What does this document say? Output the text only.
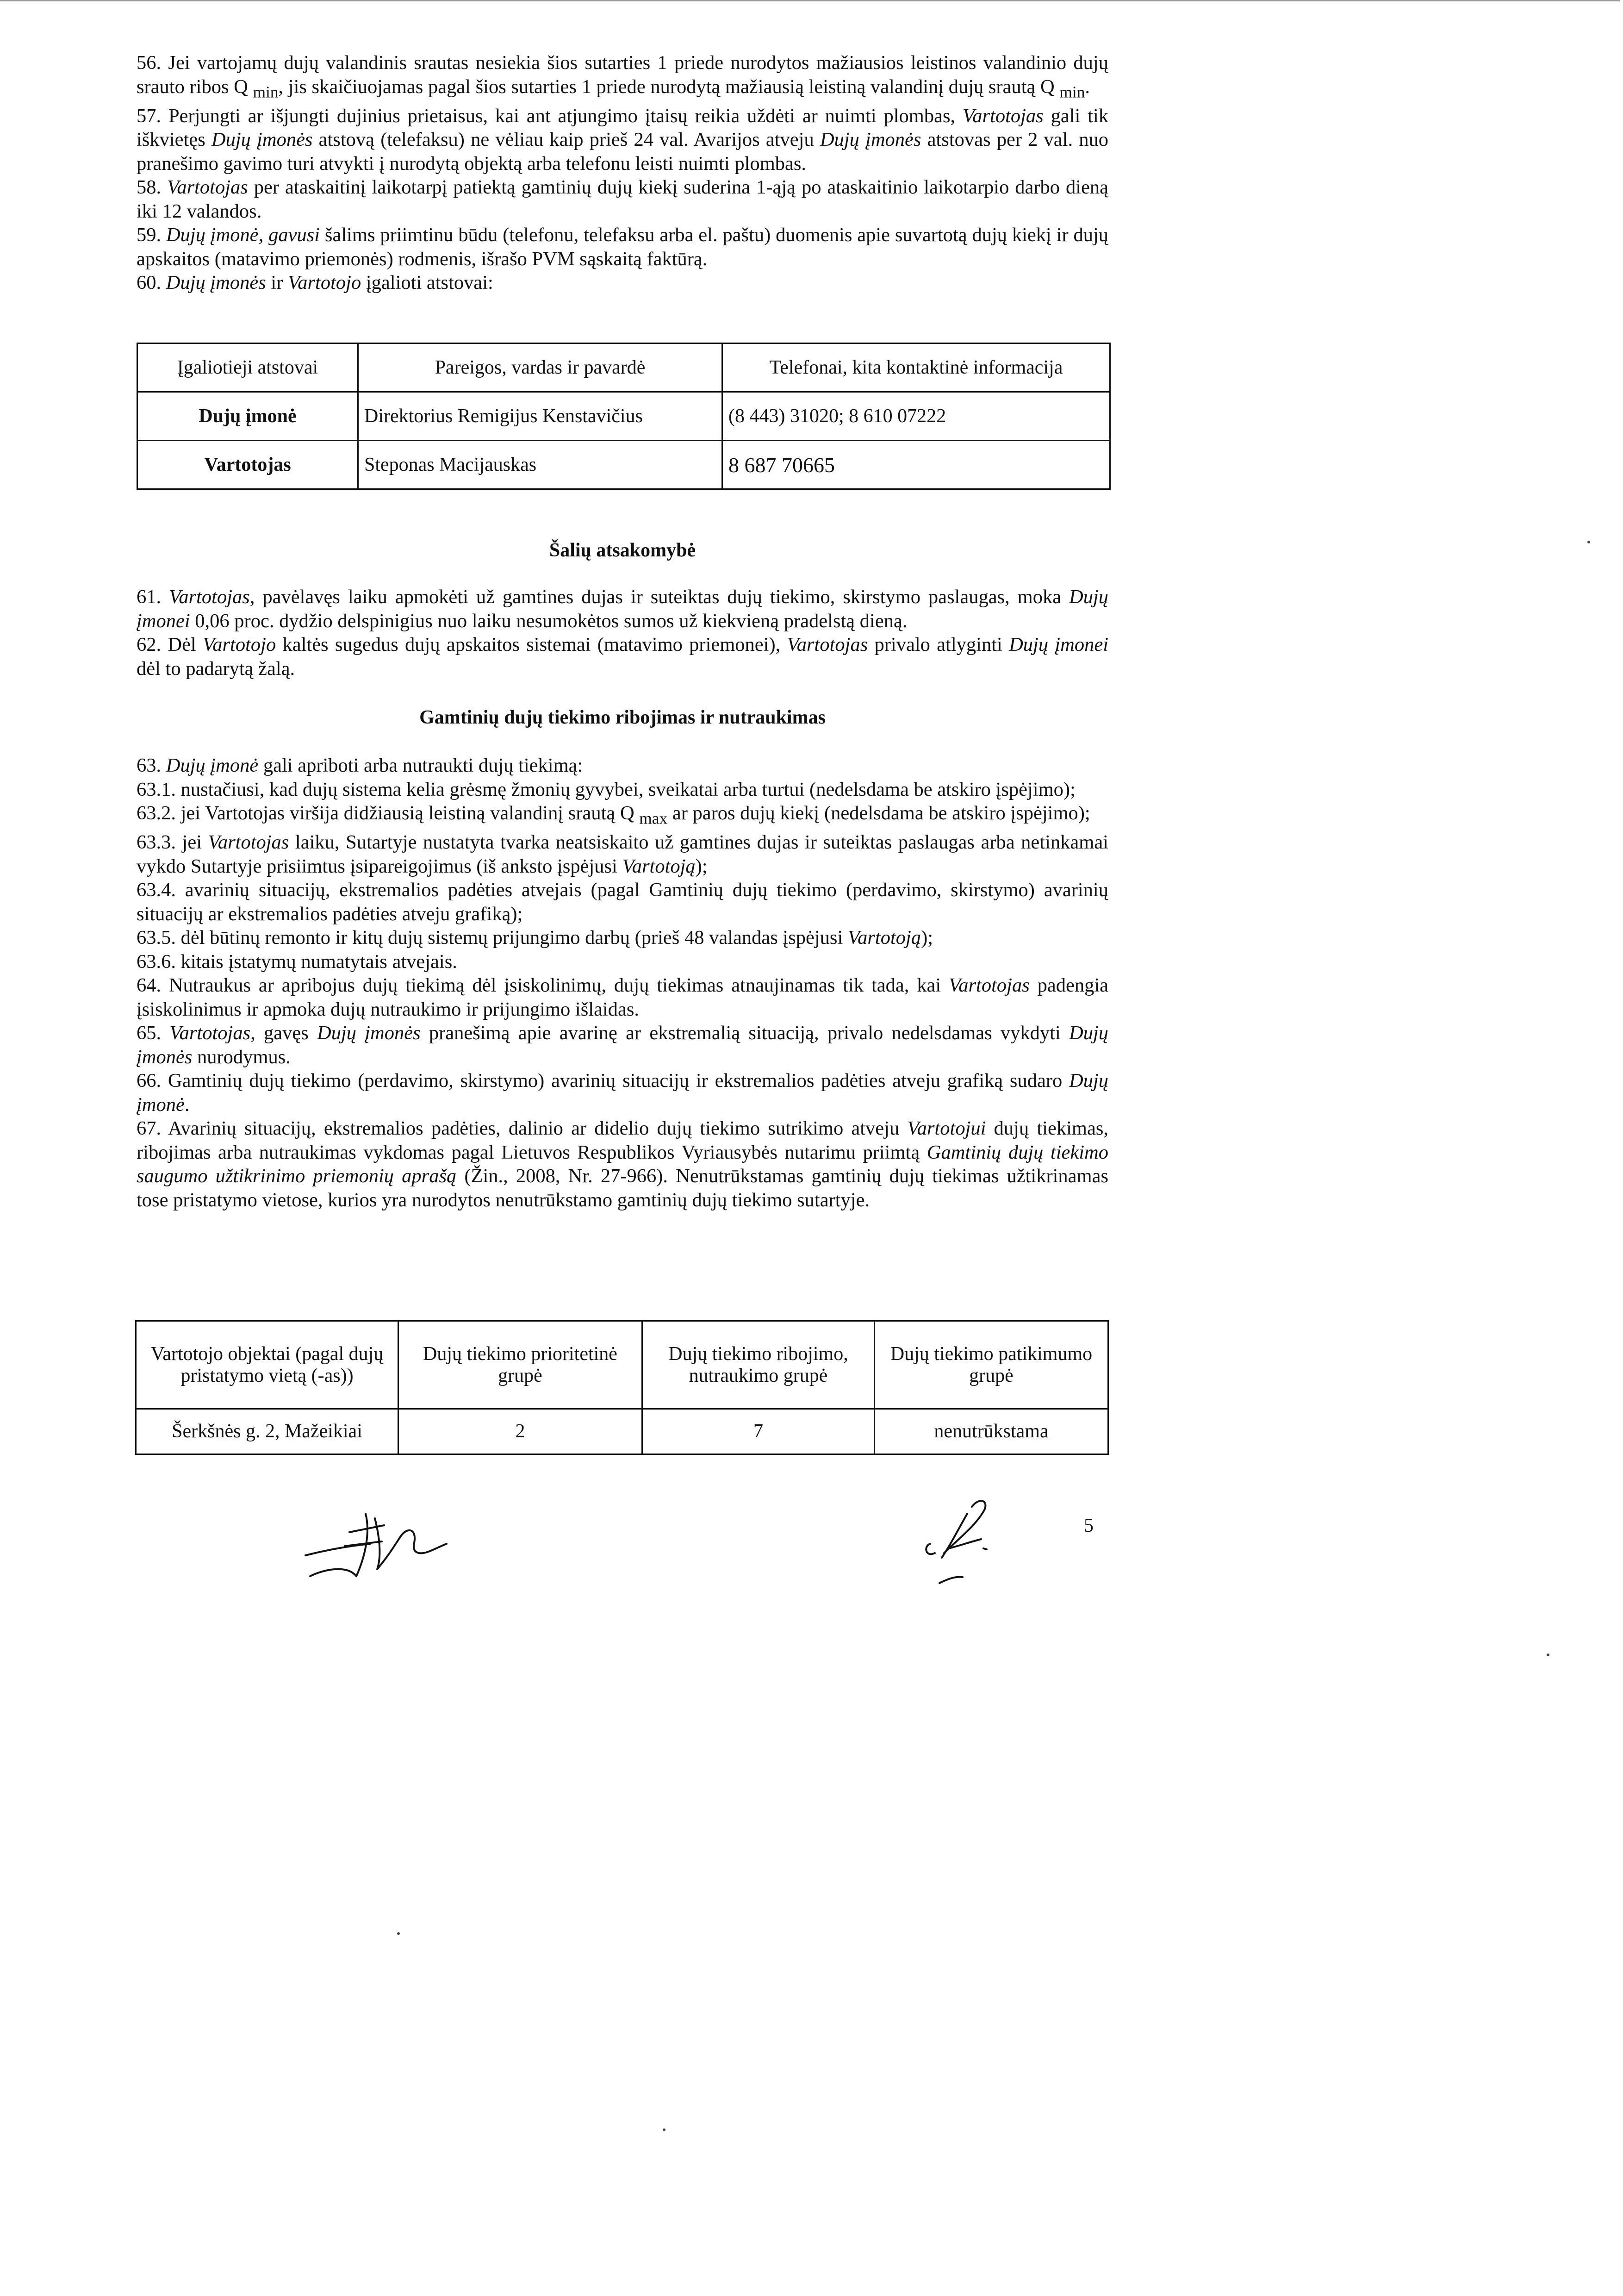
56. Jei vartojamų dujų valandinis srautas nesiekia šios sutarties 1 priede nurodytos mažiausios leistinos valandinio dujų srauto ribos Q $_{min}$, jis skaičiuojamas pagal šios sutarties 1 priede nurodytą mažiausią leistiną valandinį dujų srautą Q $_{min}$.

57. Perjungti ar išjungti dujinius prietaisus, kai ant atjungimo įtaisų reikia uždėti ar nuimti plombas, Vartotojas gali tik iškvietęs Dujų įmonės atstovą (telefaksu) ne vėliau kaip prieš 24 val. Avarijos atveju Dujų įmonės atstovas per 2 val. nuo pranešimo gavimo turi atvykti į nurodytą objektą arba telefonu leisti nuimti plombas.

58. Vartotojas per ataskaitinį laikotarpį patiektą gamtinių dujų kiekį suderina 1-ąją po ataskaitinio laikotarpio darbo dieną iki 12 valandos.

59. Dujų įmonė, gavusi šalims priimtinu būdu (telefonu, telefaksu arba el. paštu) duomenis apie suvartotą dujų kiekį ir dujų apskaitos (matavimo priemonės) rodmenis, išrašo PVM sąskaitą faktūrą.

60. Dujų įmonės ir Vartotojo įgalioti atstovai:

Įgaliotieji atstovai	Pareigos, vardas ir pavardė	Telefonai, kita kontaktinė informacija
Dujų įmonė	Direktorius Remigijus Kenstavičius	(8 443) 31020; 8 610 07222
Vartotojas	Steponas Macijauskas	8 687 70665
Šalių atsakomybė

61. Vartotojas, pavėlavęs laiku apmokėti už gamtines dujas ir suteiktas dujų tiekimo, skirstymo paslaugas, moka Dujų įmonei 0,06 proc. dydžio delspinigius nuo laiku nesumokėtos sumos už kiekvieną pradelstą dieną.

62. Dėl Vartotojo kaltės sugedus dujų apskaitos sistemai (matavimo priemonei), Vartotojas privalo atlyginti Dujų įmonei dėl to padarytą žalą.

Gamtinių dujų tiekimo ribojimas ir nutraukimas

63. Dujų įmonė gali apriboti arba nutraukti dujų tiekimą:

63.1. nustačiusi, kad dujų sistema kelia grėsmę žmonių gyvybei, sveikatai arba turtui (nedelsdama be atskiro įspėjimo);

63.2. jei Vartotojas viršija didžiausią leistiną valandinį srautą Q $_{max}$ ar paros dujų kiekį (nedelsdama be atskiro įspėjimo);

63.3. jei Vartotojas laiku, Sutartyje nustatyta tvarka neatsiskaito už gamtines dujas ir suteiktas paslaugas arba netinkamai vykdo Sutartyje prisiimtus įsipareigojimus (iš anksto įspėjusi Vartotoją);

63.4. avarinių situacijų, ekstremalios padėties atvejais (pagal Gamtinių dujų tiekimo (perdavimo, skirstymo) avarinių situacijų ar ekstremalios padėties atveju grafiką);

63.5. dėl būtinų remonto ir kitų dujų sistemų prijungimo darbų (prieš 48 valandas įspėjusi Vartotoją);

63.6. kitais įstatymų numatytais atvejais.

64. Nutraukus ar apribojus dujų tiekimą dėl įsiskolinimų, dujų tiekimas atnaujinamas tik tada, kai Vartotojas padengia įsiskolinimus ir apmoka dujų nutraukimo ir prijungimo išlaidas.

65. Vartotojas, gavęs Dujų įmonės pranešimą apie avarinę ar ekstremalią situaciją, privalo nedelsdamas vykdyti Dujų įmonės nurodymus.

66. Gamtinių dujų tiekimo (perdavimo, skirstymo) avarinių situacijų ir ekstremalios padėties atveju grafiką sudaro Dujų įmonė.

67. Avarinių situacijų, ekstremalios padėties, dalinio ar didelio dujų tiekimo sutrikimo atveju Vartotojui dujų tiekimas, ribojimas arba nutraukimas vykdomas pagal Lietuvos Respublikos Vyriausybės nutarimu priimtą Gamtinių dujų tiekimo saugumo užtikrinimo priemonių aprašą (Žin., 2008, Nr. 27-966). Nenutrūkstamas gamtinių dujų tiekimas užtikrinamas tose pristatymo vietose, kurios yra nurodytos nenutrūkstamo gamtinių dujų tiekimo sutartyje.

Vartotojo objektai (pagal dujų pristatymo vietą (-as))	Dujų tiekimo prioritetinė grupė	Dujų tiekimo ribojimo, nutraukimo grupė	Dujų tiekimo patikimumo grupė
Šerkšnės g. 2, Mažeikiai	2	7	nenutrūkstama
5
